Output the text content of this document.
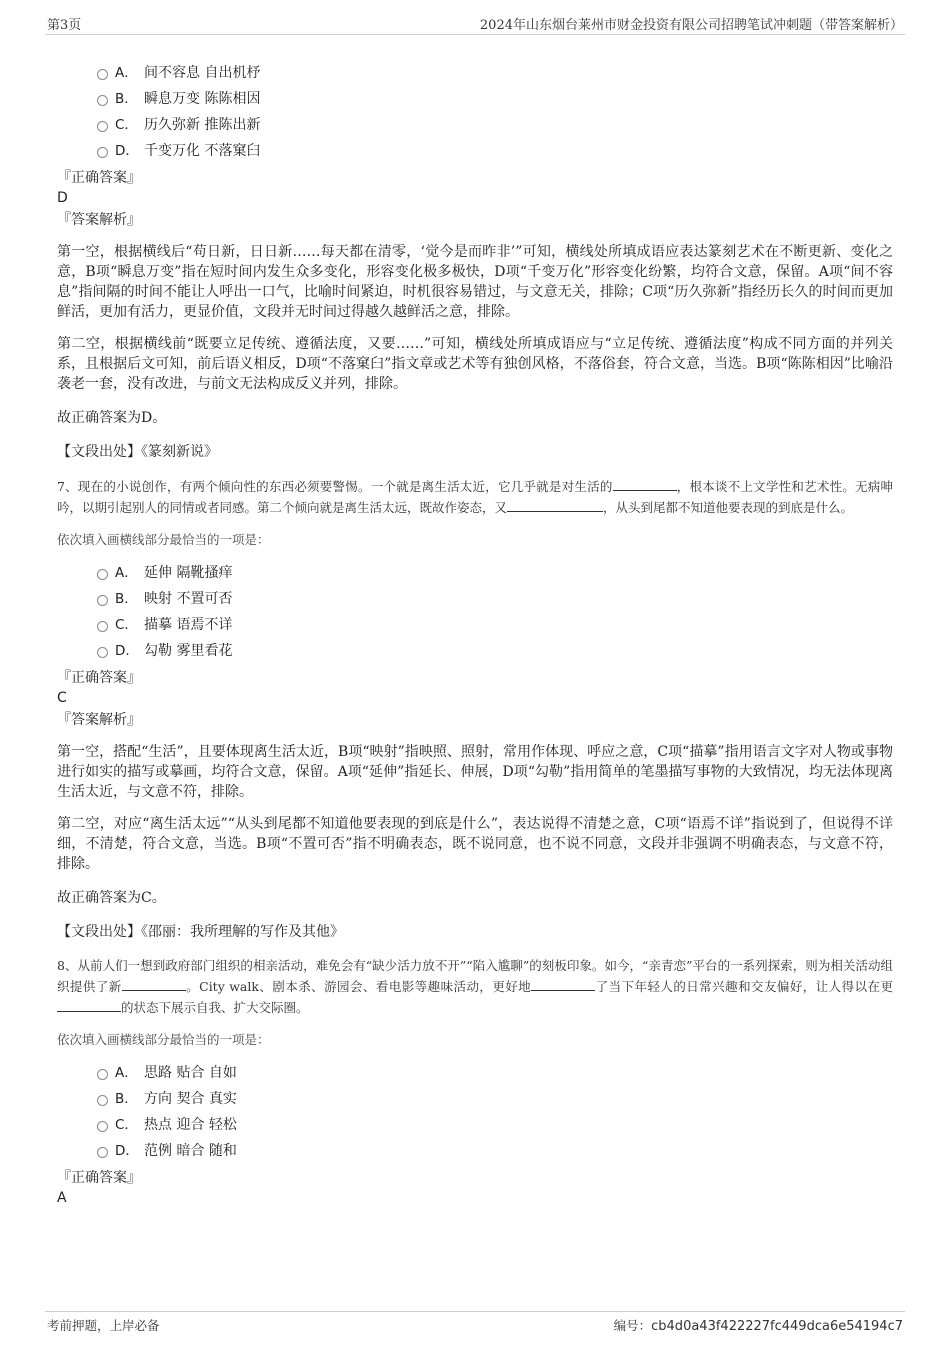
第3页	2024年山东烟台莱州市财金投资有限公司招聘笔试冲刺题（带答案解析）
A． 间不容息 自出机杼
B． 瞬息万变 陈陈相因
C． 历久弥新 推陈出新
D． 千变万化 不落窠臼
『正确答案』
D
『答案解析』
第一空，根据横线后“苟日新，日日新……每天都在清零，‘觉今是而昨非’”可知，横线处所填成语应表达篆刻艺术在不断更新、变化之意，B项“瞬息万变”指在短时间内发生众多变化，形容变化极多极快，D项“千变万化”形容变化纷繁，均符合文意，保留。A项“间不容息”指间隔的时间不能让人呼出一口气，比喻时间紧迫，时机很容易错过，与文意无关，排除；C项“历久弥新”指经历长久的时间而更加鲜活，更加有活力，更显价值，文段并无时间过得越久越鲜活之意，排除。
第二空，根据横线前“既要立足传统、遵循法度，又要……”可知，横线处所填成语应与“立足传统、遵循法度”构成不同方面的并列关系，且根据后文可知，前后语义相反，D项“不落窠臼”指文章或艺术等有独创风格，不落俗套，符合文意，当选。B项“陈陈相因”比喻沿袭老一套，没有改进，与前文无法构成反义并列，排除。
故正确答案为D。
【文段出处】《篆刻新说》
7、现在的小说创作，有两个倾向性的东西必须要警惕。一个就是离生活太近，它几乎就是对生活的	，根本谈不上文学性和艺术性。无病呻吟，以期引起别人的同情或者同感。第二个倾向就是离生活太远，既故作姿态，又	，从头到尾都不知道他要表现的到底是什么。
依次填入画横线部分最恰当的一项是：
A． 延伸 隔靴搔痒
B． 映射 不置可否
C． 描摹 语焉不详
D． 勾勒 雾里看花
『正确答案』
C
『答案解析』
第一空，搭配“生活”，且要体现离生活太近，B项“映射”指映照、照射，常用作体现、呼应之意，C项“描摹”指用语言文字对人物或事物进行如实的描写或摹画，均符合文意，保留。A项“延伸”指延长、伸展，D项“勾勒”指用简单的笔墨描写事物的大致情况，均无法体现离生活太近，与文意不符，排除。
第二空，对应“离生活太远”“从头到尾都不知道他要表现的到底是什么”，表达说得不清楚之意，C项“语焉不详”指说到了，但说得不详细，不清楚，符合文意，当选。B项“不置可否”指不明确表态，既不说同意，也不说不同意，文段并非强调不明确表态，与文意不符，排除。
故正确答案为C。
【文段出处】《邵丽：我所理解的写作及其他》
8、从前人们一想到政府部门组织的相亲活动，难免会有“缺少活力放不开”“陷入尴聊”的刻板印象。如今，“亲青恋”平台的一系列探索，则为相关活动组织提供了新	。City walk、剧本杀、游园会、看电影等趣味活动，更好地	了当下年轻人的日常兴趣和交友偏好，让人得以在更的状态下展示自我、扩大交际圈。
依次填入画横线部分最恰当的一项是：
A． 思路 贴合 自如
B． 方向 契合 真实
C． 热点 迎合 轻松
D． 范例 暗合 随和
『正确答案』
A
考前押题，上岸必备	编号：cb4d0a43f422227fc449dca6e54194c7
